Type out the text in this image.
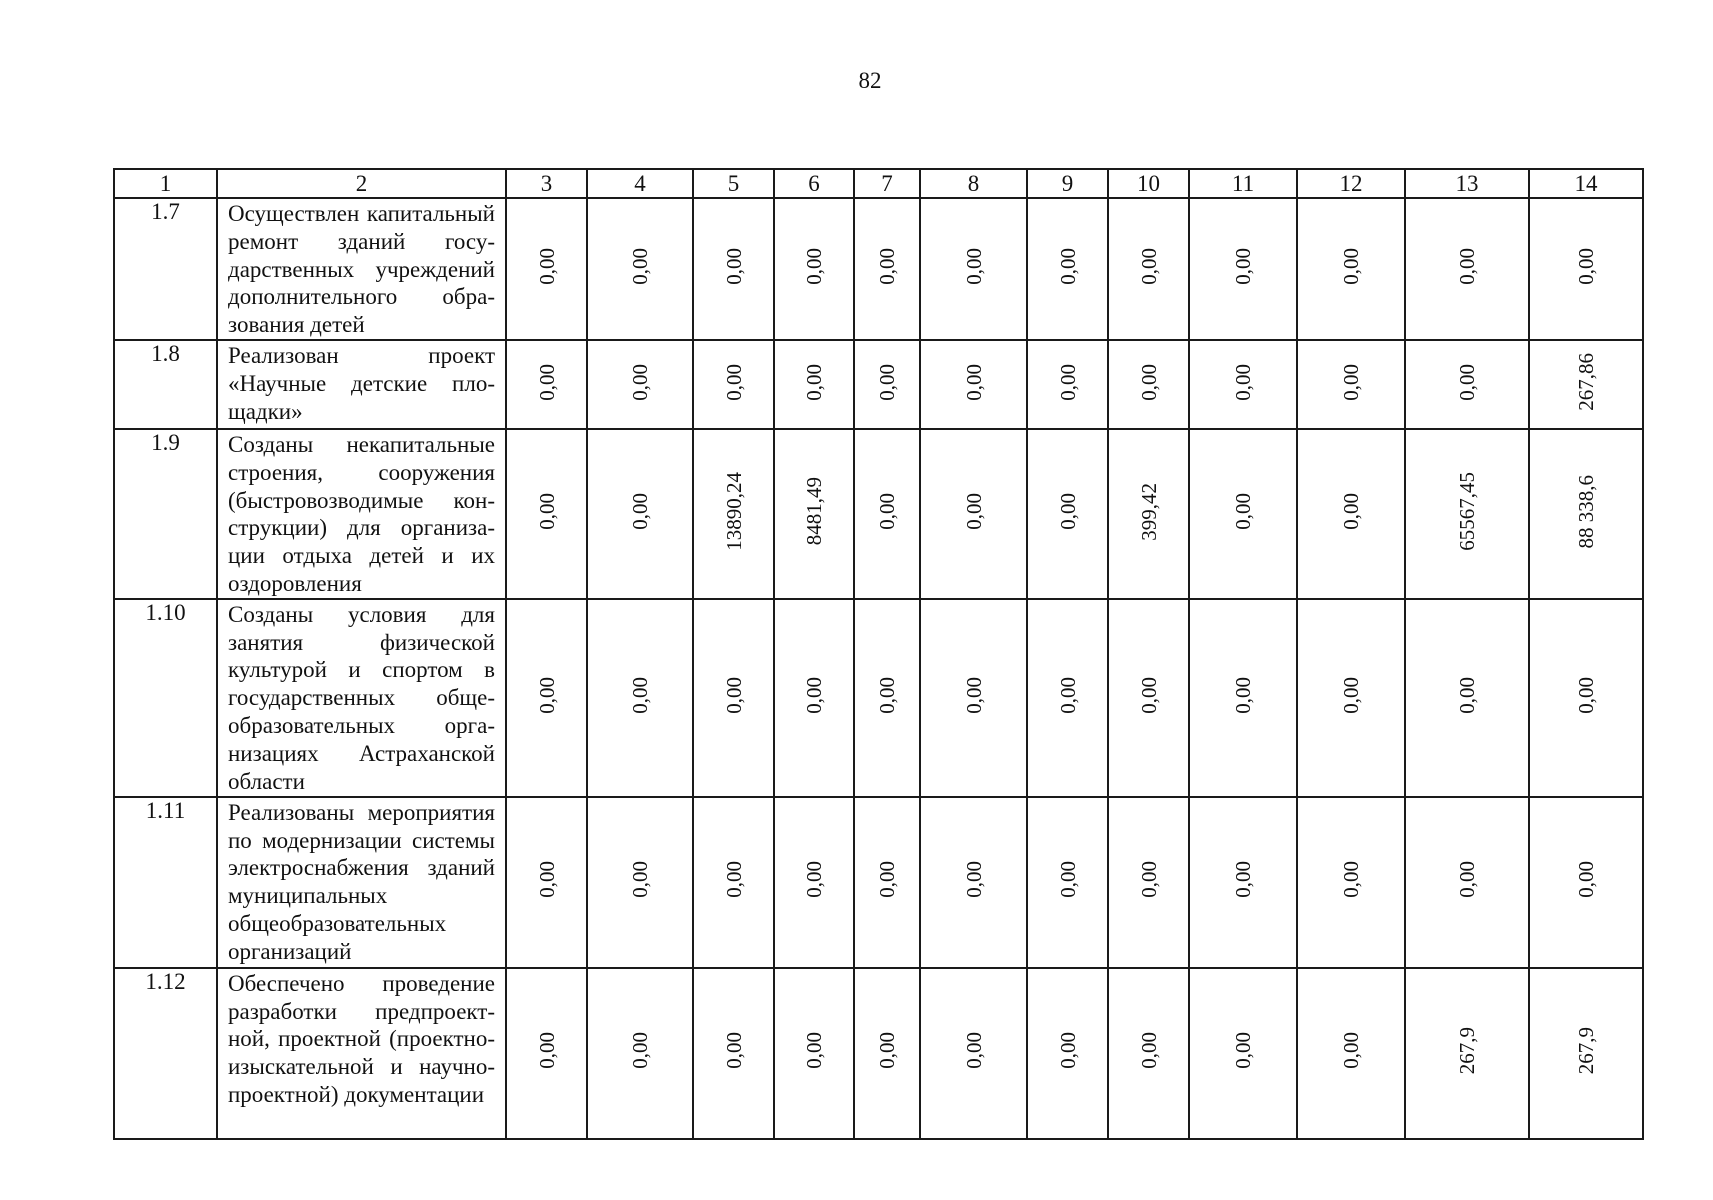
82
1	2	3	4	5	6	7	8	9	10	11	12	13	14
1.7	Осуществлен капитальный ремонт зданий государственных учреждений дополнительного образования детей	0,00	0,00	0,00	0,00	0,00	0,00	0,00	0,00	0,00	0,00	0,00	0,00
1.8	Реализован проект «Научные детские площадки»	0,00	0,00	0,00	0,00	0,00	0,00	0,00	0,00	0,00	0,00	0,00	267,86
1.9	Созданы некапитальные строения, сооружения (быстровозводимые конструкции) для организации отдыха детей и их оздоровления	0,00	0,00	13890,24	8481,49	0,00	0,00	0,00	399,42	0,00	0,00	65567,45	88 338,6
1.10	Созданы условия для занятия физической культурой и спортом в государственных общеобразовательных организациях Астраханской области	0,00	0,00	0,00	0,00	0,00	0,00	0,00	0,00	0,00	0,00	0,00	0,00
1.11	Реализованы мероприятия по модернизации системы электроснабжения зданий муниципальных общеобразовательных организаций	0,00	0,00	0,00	0,00	0,00	0,00	0,00	0,00	0,00	0,00	0,00	0,00
1.12	Обеспечено проведение разработки предпроектной, проектной (проектно-изыскательной и научно-проектной) документации	0,00	0,00	0,00	0,00	0,00	0,00	0,00	0,00	0,00	0,00	267,9	267,9
